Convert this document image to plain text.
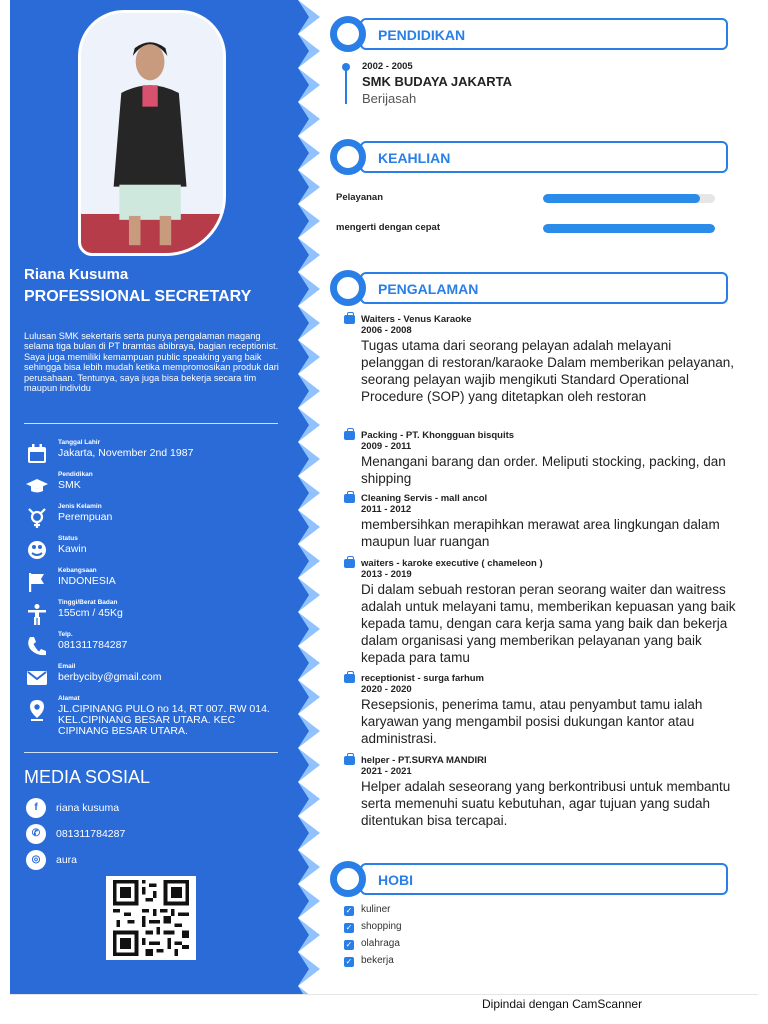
Riana Kusuma
PROFESSIONAL SECRETARY
Lulusan SMK sekertaris serta punya pengalaman magang selama tiga bulan di PT bramtas abibraya, bagian receptionist. Saya juga memiliki kemampuan public speaking yang baik sehingga bisa lebih mudah ketika mempromosikan produk dari perusahaan. Tentunya, saya juga bisa bekerja secara tim maupun individu
Tanggal Lahir
Jakarta, November 2nd 1987
Pendidikan
SMK
Jenis Kelamin
Perempuan
Status
Kawin
Kebangsaan
INDONESIA
Tinggi/Berat Badan
155cm / 45Kg
Telp.
081311784287
Email
berbyciby@gmail.com
Alamat
JL.CIPINANG PULO no 14, RT 007. RW 014. KEL.CIPINANG BESAR UTARA. KEC CIPINANG BESAR UTARA.
MEDIA SOSIAL
f	riana kusuma
✆	081311784287
◎	aura
PENDIDIKAN
2002 - 2005
SMK BUDAYA JAKARTA
Berijasah
KEAHLIAN
Pelayanan
mengerti dengan cepat
PENGALAMAN
Waiters - Venus Karaoke
2006 - 2008
Tugas utama dari seorang pelayan adalah melayani pelanggan di restoran/karaoke Dalam memberikan pelayanan, seorang pelayan wajib mengikuti Standard Operational Procedure (SOP) yang ditetapkan oleh restoran
Packing - PT. Khongguan bisquits
2009 - 2011
Menangani barang dan order. Meliputi stocking, packing, dan shipping
Cleaning Servis - mall ancol
2011 - 2012
membersihkan merapihkan merawat area lingkungan dalam maupun luar ruangan
waiters - karoke executive ( chameleon )
2013 - 2019
Di dalam sebuah restoran peran seorang waiter dan waitress adalah untuk melayani tamu, memberikan kepuasan yang baik kepada tamu, dengan cara kerja sama yang baik dan bekerja dalam organisasi yang memberikan pelayanan yang baik kepada para tamu
receptionist - surga farhum
2020 - 2020
Resepsionis, penerima tamu, atau penyambut tamu ialah karyawan yang mengambil posisi dukungan kantor atau administrasi.
helper - PT.SURYA MANDIRI
2021 - 2021
Helper adalah seseorang yang berkontribusi untuk membantu serta memenuhi suatu kebutuhan, agar tujuan yang sudah ditentukan bisa tercapai.
HOBI
✓ kuliner
✓ shopping
✓ olahraga
✓ bekerja
Dipindai dengan CamScanner
